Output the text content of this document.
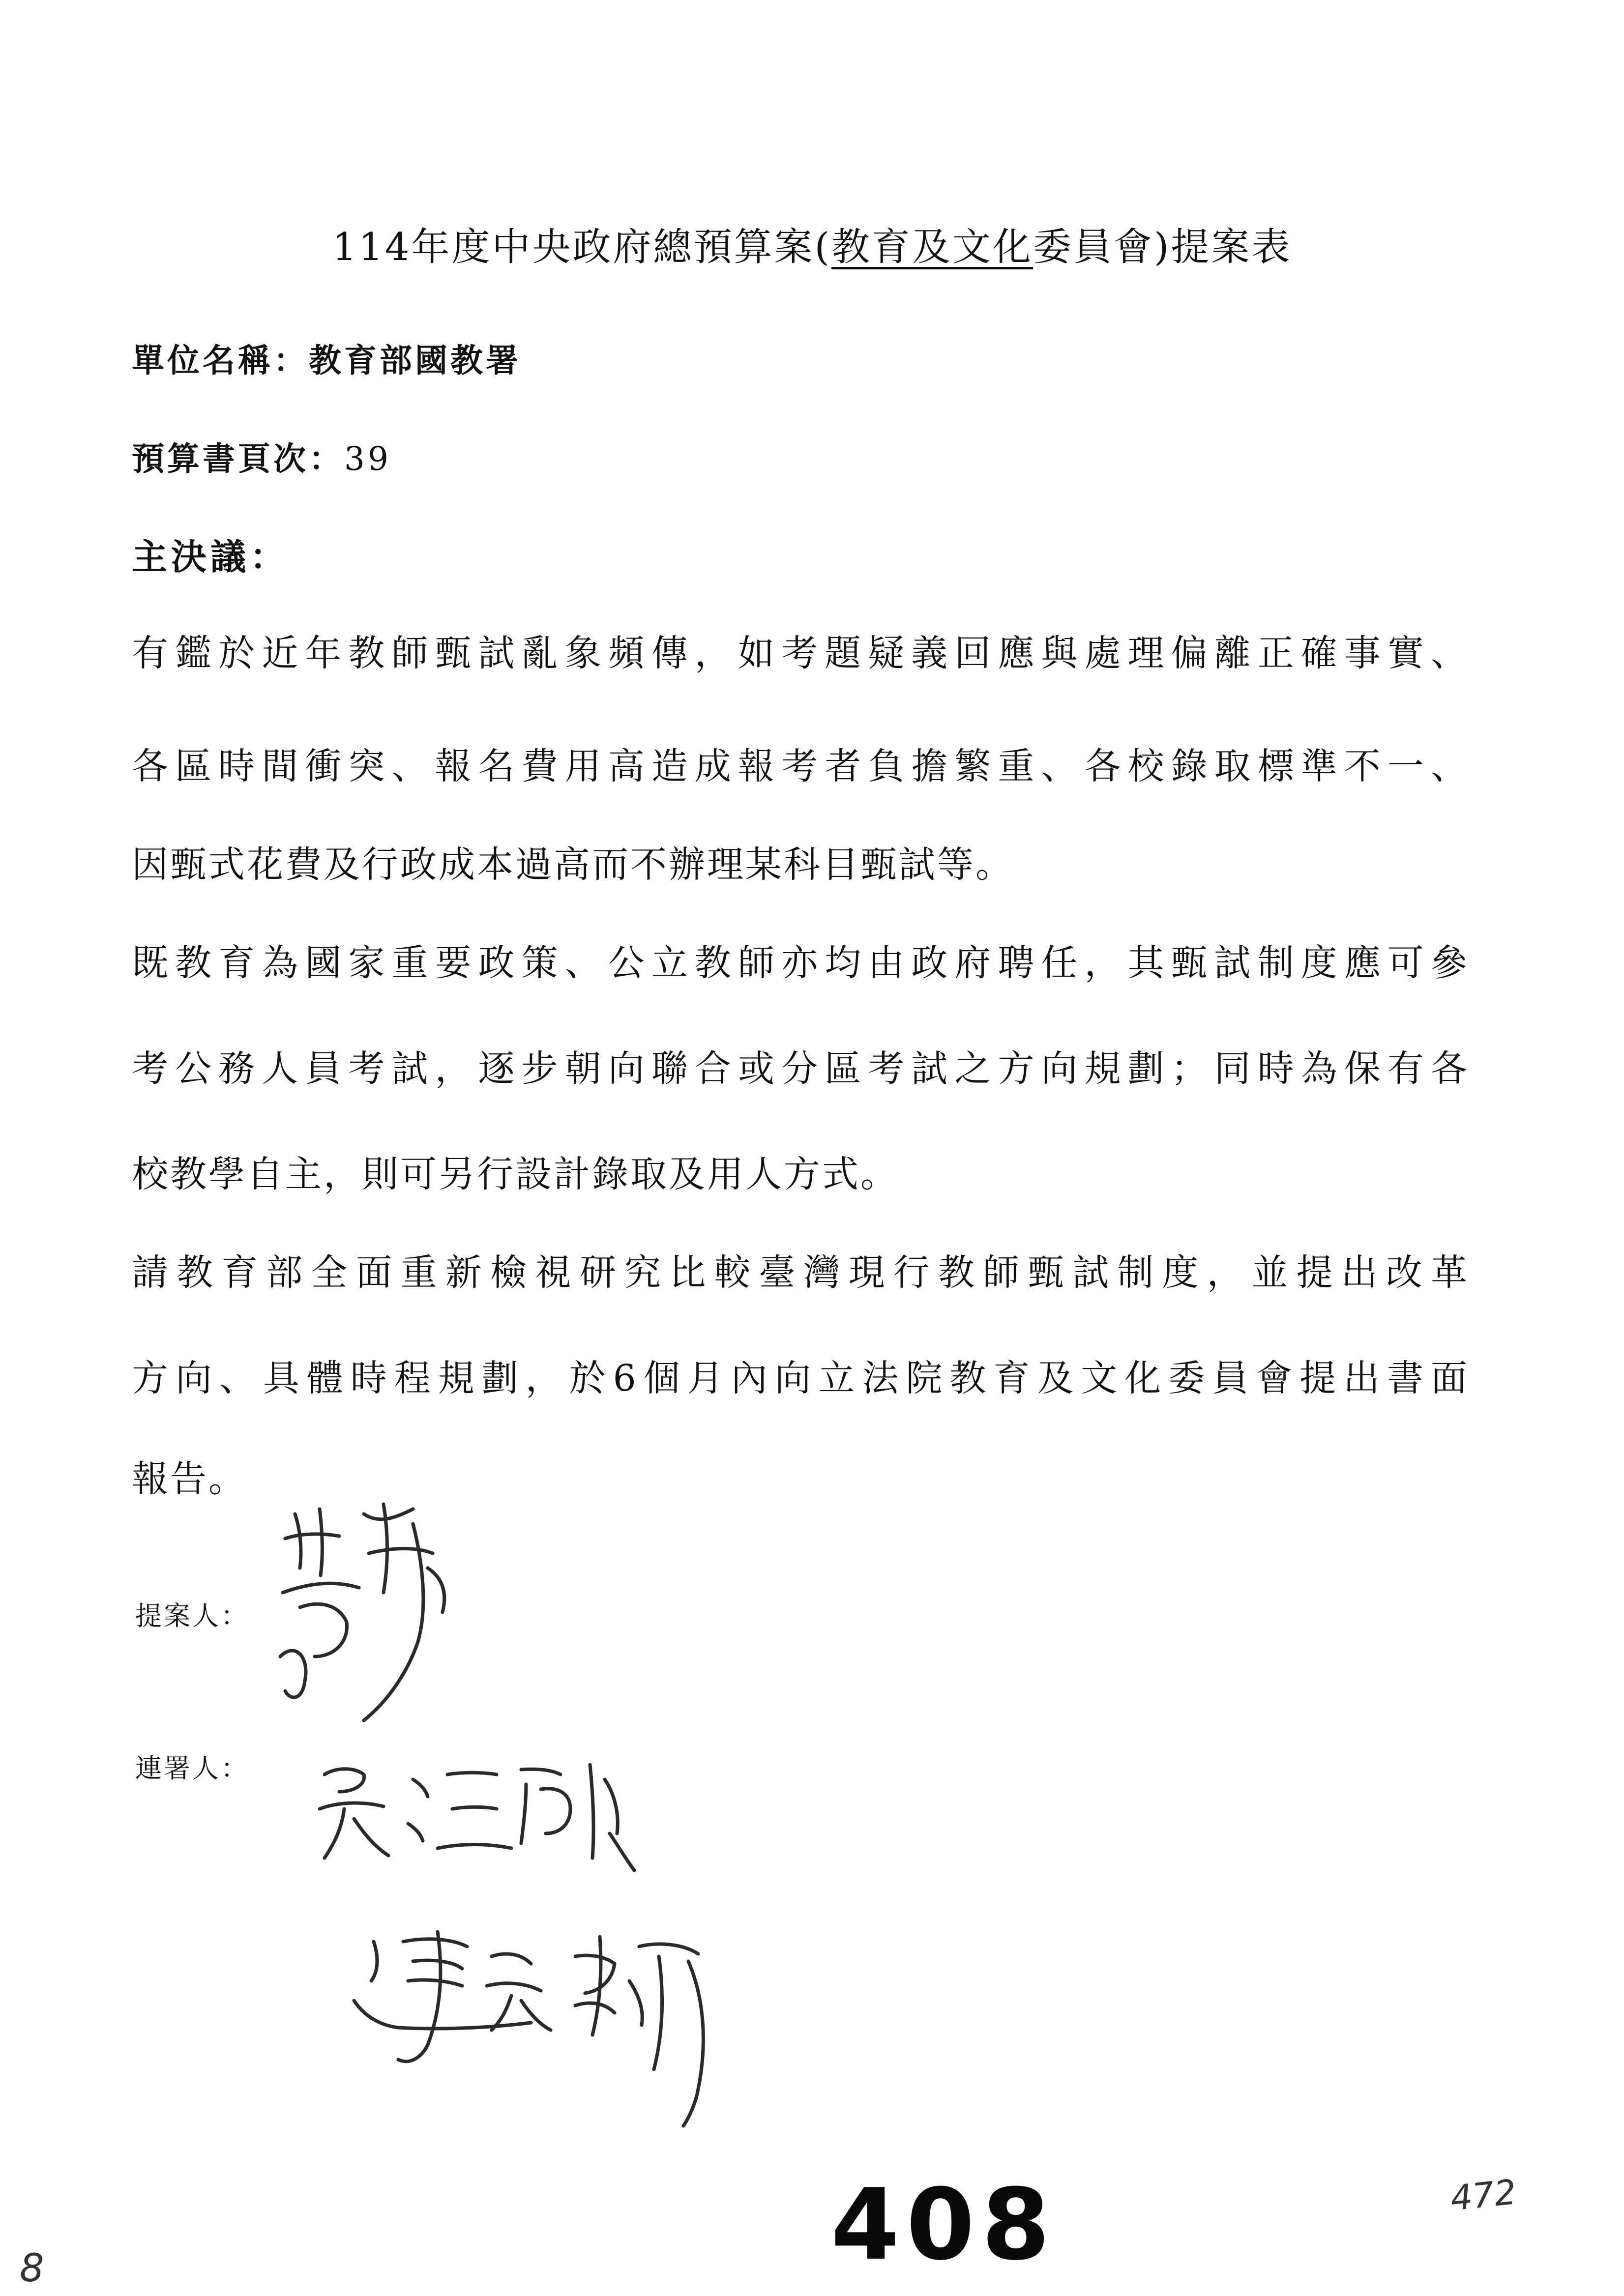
114年度中央政府總預算案(教育及文化委員會)提案表
單位名稱：教育部國教署
預算書頁次：39
主決議：
有鑑於近年教師甄試亂象頻傳，如考題疑義回應與處理偏離正確事實、
各區時間衝突、報名費用高造成報考者負擔繁重、各校錄取標準不一、
因甄式花費及行政成本過高而不辦理某科目甄試等。
既教育為國家重要政策、公立教師亦均由政府聘任，其甄試制度應可參
考公務人員考試，逐步朝向聯合或分區考試之方向規劃；同時為保有各
校教學自主，則可另行設計錄取及用人方式。
請教育部全面重新檢視研究比較臺灣現行教師甄試制度，並提出改革
方向、具體時程規劃，於6個月內向立法院教育及文化委員會提出書面
報告。
提案人：
連署人：
408	472
8
